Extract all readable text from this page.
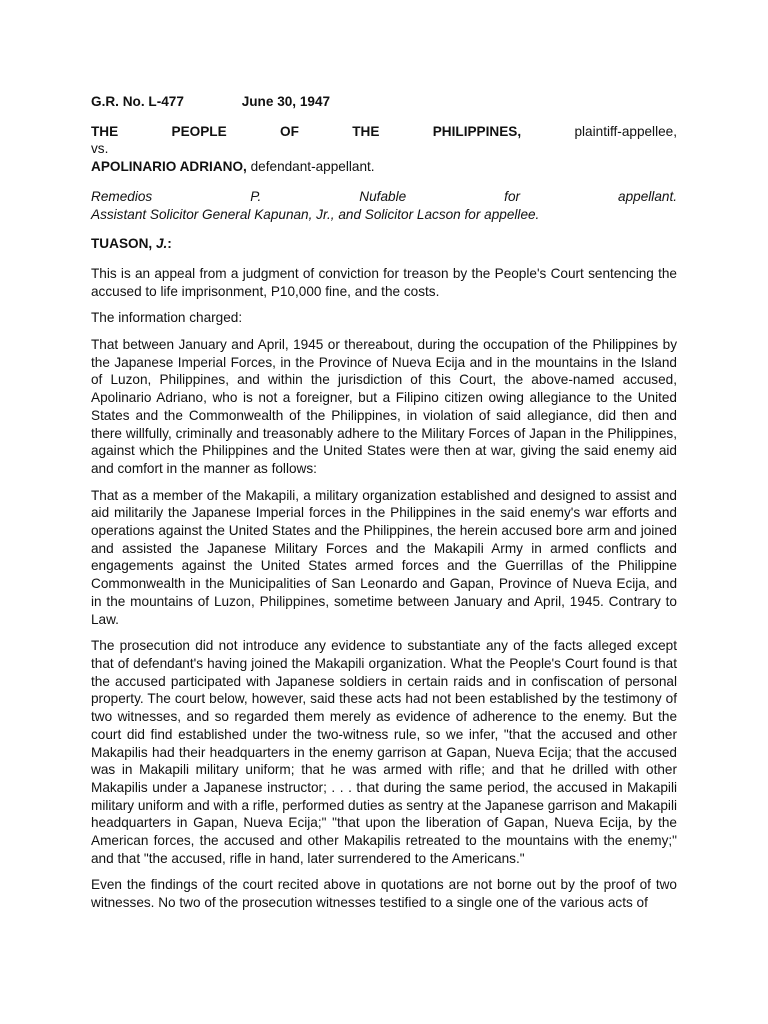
G.R. No. L-477	June 30, 1947
THE PEOPLE OF THE PHILIPPINES,	plaintiff-appellee,
vs.
APOLINARIO ADRIANO, defendant-appellant.
Remedios P. Nufable for appellant.
Assistant Solicitor General Kapunan, Jr., and Solicitor Lacson for appellee.
TUASON, J.:

This is an appeal from a judgment of conviction for treason by the People's Court sentencing the accused to life imprisonment, P10,000 fine, and the costs.

The information charged:

That between January and April, 1945 or thereabout, during the occupation of the Philippines by the Japanese Imperial Forces, in the Province of Nueva Ecija and in the mountains in the Island of Luzon, Philippines, and within the jurisdiction of this Court, the above-named accused, Apolinario Adriano, who is not a foreigner, but a Filipino citizen owing allegiance to the United States and the Commonwealth of the Philippines, in violation of said allegiance, did then and there willfully, criminally and treasonably adhere to the Military Forces of Japan in the Philippines, against which the Philippines and the United States were then at war, giving the said enemy aid and comfort in the manner as follows:

That as a member of the Makapili, a military organization established and designed to assist and aid militarily the Japanese Imperial forces in the Philippines in the said enemy's war efforts and operations against the United States and the Philippines, the herein accused bore arm and joined and assisted the Japanese Military Forces and the Makapili Army in armed conflicts and engagements against the United States armed forces and the Guerrillas of the Philippine Commonwealth in the Municipalities of San Leonardo and Gapan, Province of Nueva Ecija, and in the mountains of Luzon, Philippines, sometime between January and April, 1945. Contrary to Law.

The prosecution did not introduce any evidence to substantiate any of the facts alleged except that of defendant's having joined the Makapili organization. What the People's Court found is that the accused participated with Japanese soldiers in certain raids and in confiscation of personal property. The court below, however, said these acts had not been established by the testimony of two witnesses, and so regarded them merely as evidence of adherence to the enemy. But the court did find established under the two-witness rule, so we infer, "that the accused and other Makapilis had their headquarters in the enemy garrison at Gapan, Nueva Ecija; that the accused was in Makapili military uniform; that he was armed with rifle; and that he drilled with other Makapilis under a Japanese instructor; . . . that during the same period, the accused in Makapili military uniform and with a rifle, performed duties as sentry at the Japanese garrison and Makapili headquarters in Gapan, Nueva Ecija;" "that upon the liberation of Gapan, Nueva Ecija, by the American forces, the accused and other Makapilis retreated to the mountains with the enemy;" and that "the accused, rifle in hand, later surrendered to the Americans."

Even the findings of the court recited above in quotations are not borne out by the proof of two witnesses. No two of the prosecution witnesses testified to a single one of the various acts of
